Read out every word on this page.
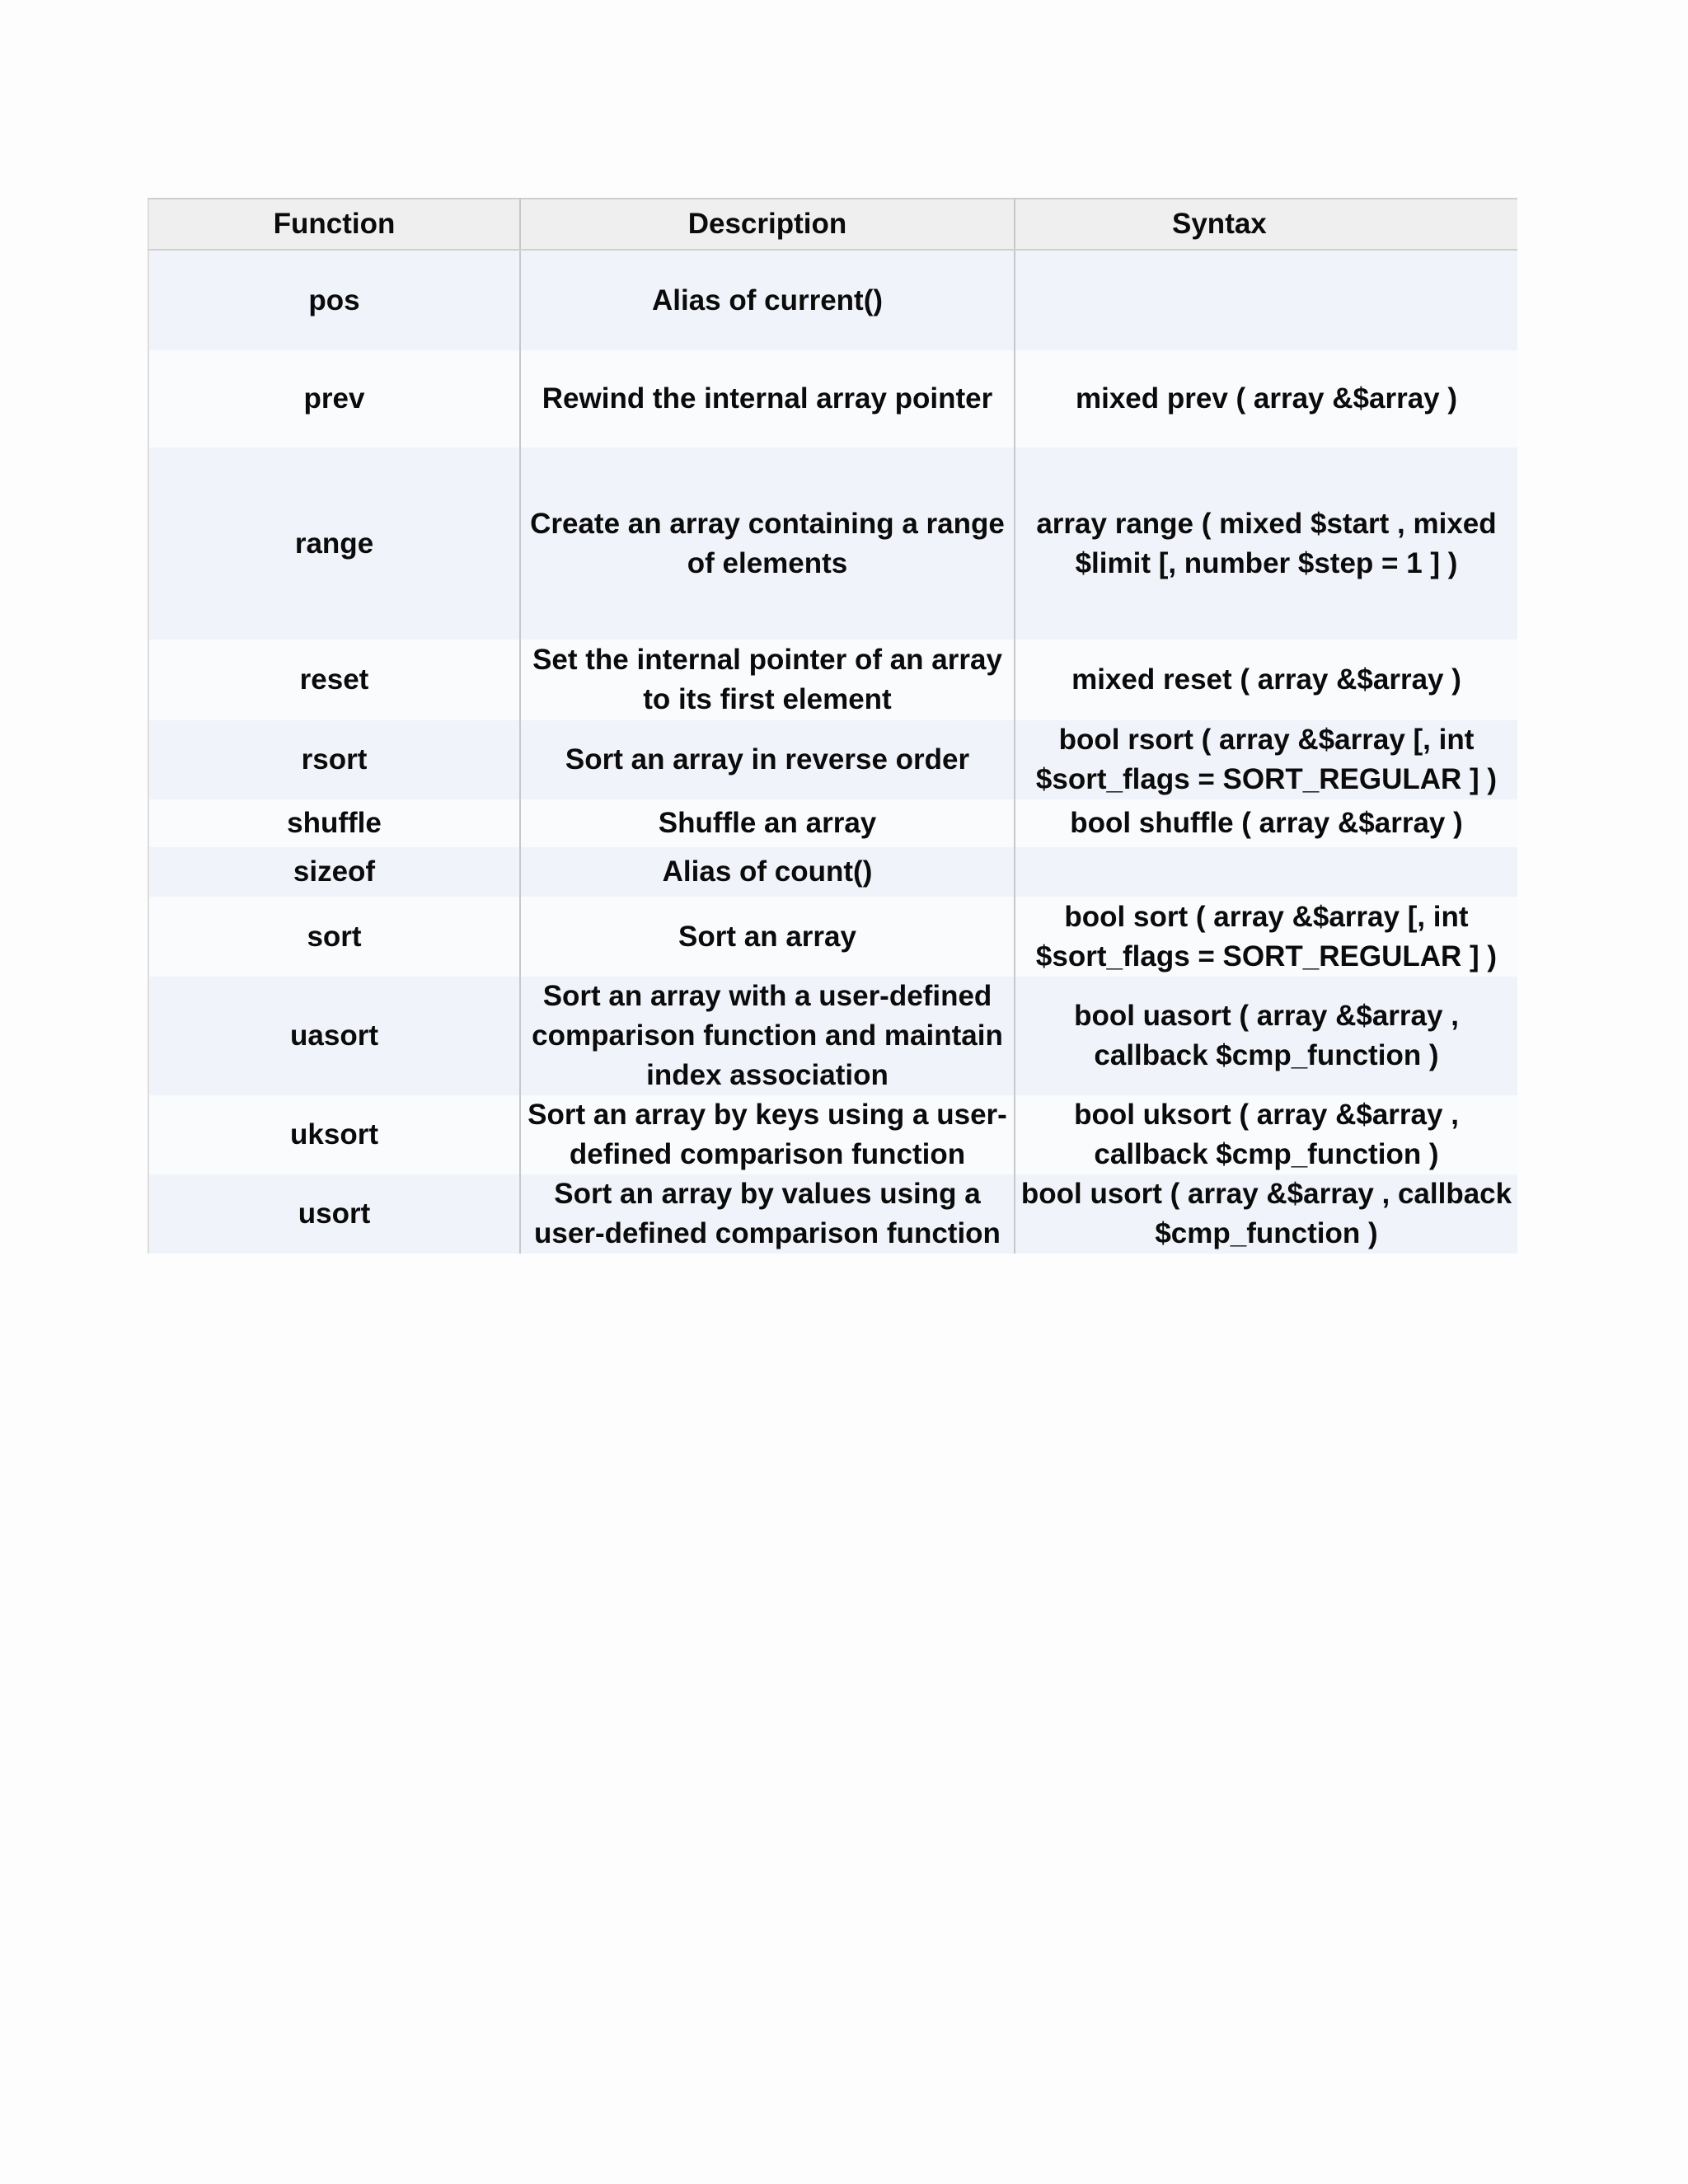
Function	Description	Syntax
pos	Alias of current()	
prev	Rewind the internal array pointer	mixed prev ( array &$array )
range	Create an array containing a range of elements	array range ( mixed $start , mixed $limit [, number $step = 1 ] )
reset	Set the internal pointer of an array to its first element	mixed reset ( array &$array )
rsort	Sort an array in reverse order	bool rsort ( array &$array [, int $sort_flags = SORT_REGULAR ] )
shuffle	Shuffle an array	bool shuffle ( array &$array )
sizeof	Alias of count()	
sort	Sort an array	bool sort ( array &$array [, int $sort_flags = SORT_REGULAR ] )
uasort	Sort an array with a user-defined comparison function and maintain index association	bool uasort ( array &$array , callback $cmp_function )
uksort	Sort an array by keys using a user-defined comparison function	bool uksort ( array &$array , callback $cmp_function )
usort	Sort an array by values using a user-defined comparison function	bool usort ( array &$array , callback $cmp_function )
